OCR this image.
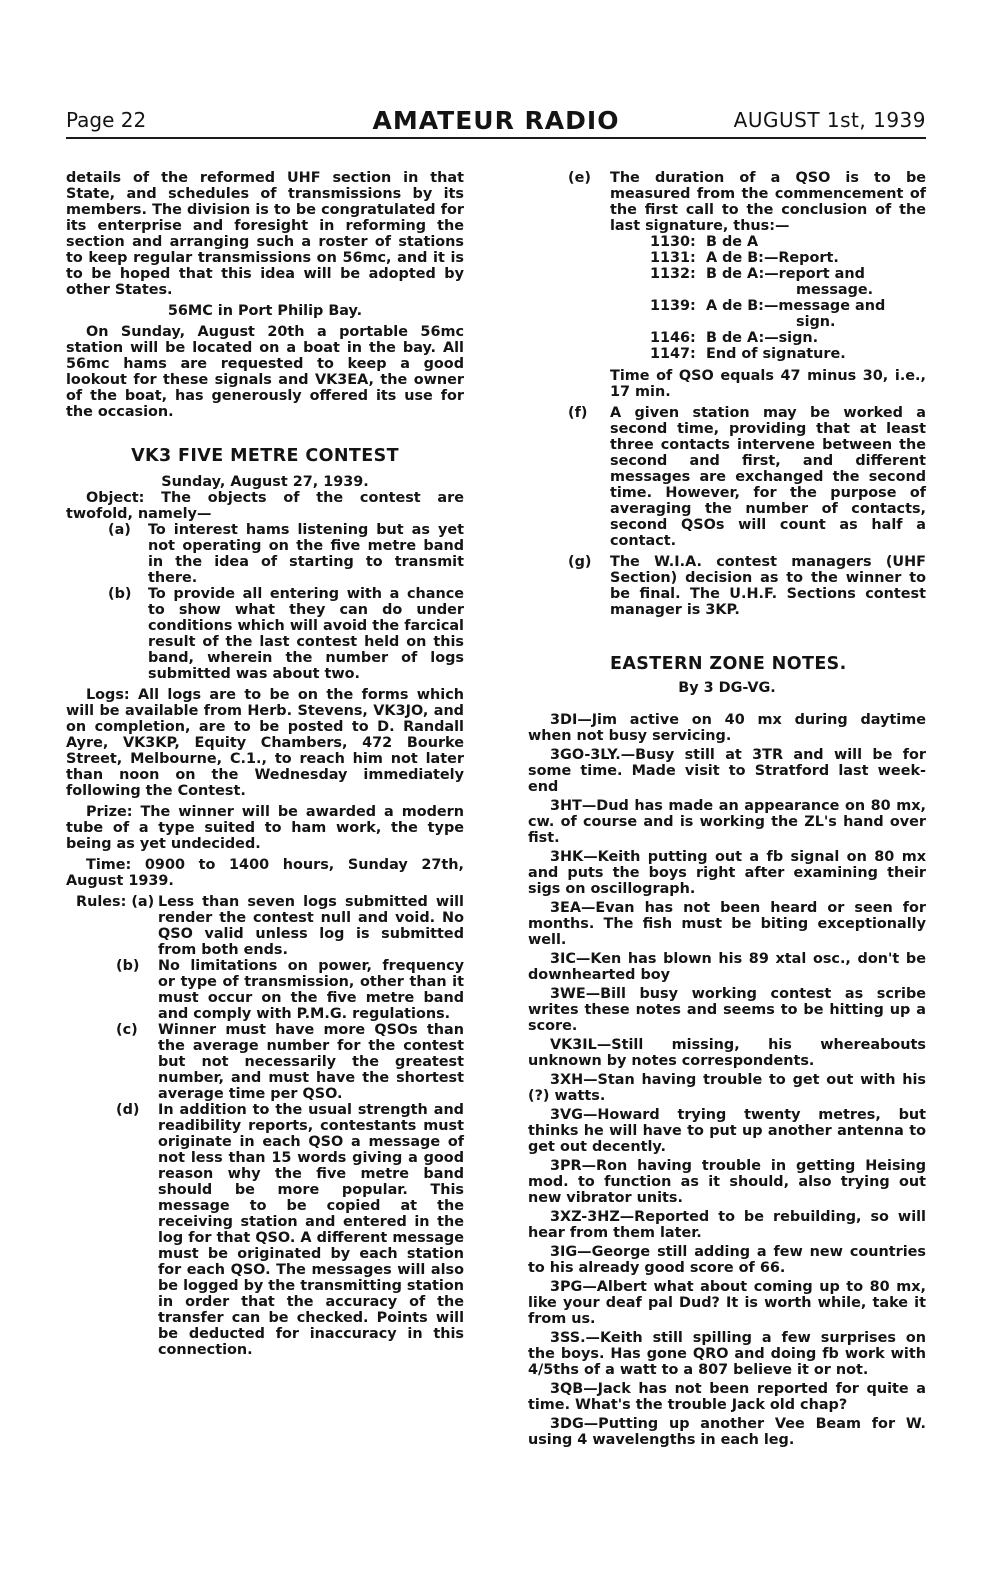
Page 22	AMATEUR RADIO	AUGUST 1st, 1939

details of the reformed UHF section in that State, and schedules of transmissions by its members. The division is to be congratulated for its enterprise and foresight in reforming the section and arranging such a roster of stations to keep regular transmissions on 56mc, and it is to be hoped that this idea will be adopted by other States.

56MC in Port Philip Bay.

On Sunday, August 20th a portable 56mc station will be located on a boat in the bay. All 56mc hams are requested to keep a good lookout for these signals and VK3EA, the owner of the boat, has generously offered its use for the occasion.

VK3 FIVE METRE CONTEST

Sunday, August 27, 1939.

Object: The objects of the contest are twofold, namely—

(a)	To interest hams listening but as yet not operating on the five metre band in the idea of starting to transmit there.
(b)	To provide all entering with a chance to show what they can do under conditions which will avoid the farcical result of the last contest held on this band, wherein the number of logs submitted was about two.

Logs: All logs are to be on the forms which will be available from Herb. Stevens, VK3JO, and on completion, are to be posted to D. Randall Ayre, VK3KP, Equity Chambers, 472 Bourke Street, Melbourne, C.1., to reach him not later than noon on the Wednesday immediately following the Contest.

Prize: The winner will be awarded a modern tube of a type suited to ham work, the type being as yet undecided.

Time: 0900 to 1400 hours, Sunday 27th, August 1939.

Rules: (a) Less than seven logs submitted will render the contest null and void. No QSO valid unless log is submitted from both ends.
(b)	No limitations on power, frequency or type of transmission, other than it must occur on the five metre band and comply with P.M.G. regulations.
(c)	Winner must have more QSOs than the average number for the contest but not necessarily the greatest number, and must have the shortest average time per QSO.
(d)	In addition to the usual strength and readibility reports, contestants must originate in each QSO a message of not less than 15 words giving a good reason why the five metre band should be more popular. This message to be copied at the receiving station and entered in the log for that QSO. A different message must be originated by each station for each QSO. The messages will also be logged by the transmitting station in order that the accuracy of the transfer can be checked. Points will be deducted for inaccuracy in this connection.
(e)	The duration of a QSO is to be measured from the commencement of the first call to the conclusion of the last signature, thus:—
1130: B de A
1131: A de B:—Report.
1132: B de A:—report and
message.
1139: A de B:—message and
sign.
1146: B de A:—sign.
1147: End of signature.

Time of QSO equals 47 minus 30, i.e., 17 min.

(f)	A given station may be worked a second time, providing that at least three contacts intervene between the second and first, and different messages are exchanged the second time. However, for the purpose of averaging the number of contacts, second QSOs will count as half a contact.
(g)	The W.I.A. contest managers (UHF Section) decision as to the winner to be final. The U.H.F. Sections contest manager is 3KP.

EASTERN ZONE NOTES.

By 3 DG-VG.

3DI—Jim active on 40 mx during daytime when not busy servicing.

3GO-3LY.—Busy still at 3TR and will be for some time. Made visit to Stratford last week-end

3HT—Dud has made an appearance on 80 mx, cw. of course and is working the ZL's hand over fist.

3HK—Keith putting out a fb signal on 80 mx and puts the boys right after examining their sigs on oscillograph.

3EA—Evan has not been heard or seen for months. The fish must be biting exceptionally well.

3IC—Ken has blown his 89 xtal osc., don't be downhearted boy

3WE—Bill busy working contest as scribe writes these notes and seems to be hitting up a score.

VK3IL—Still missing, his whereabouts unknown by notes correspondents.

3XH—Stan having trouble to get out with his (?) watts.

3VG—Howard trying twenty metres, but thinks he will have to put up another antenna to get out decently.

3PR—Ron having trouble in getting Heising mod. to function as it should, also trying out new vibrator units.

3XZ-3HZ—Reported to be rebuilding, so will hear from them later.

3IG—George still adding a few new countries to his already good score of 66.

3PG—Albert what about coming up to 80 mx, like your deaf pal Dud? It is worth while, take it from us.

3SS.—Keith still spilling a few surprises on the boys. Has gone QRO and doing fb work with 4/5ths of a watt to a 807 believe it or not.

3QB—Jack has not been reported for quite a time. What's the trouble Jack old chap?

3DG—Putting up another Vee Beam for W. using 4 wavelengths in each leg.
